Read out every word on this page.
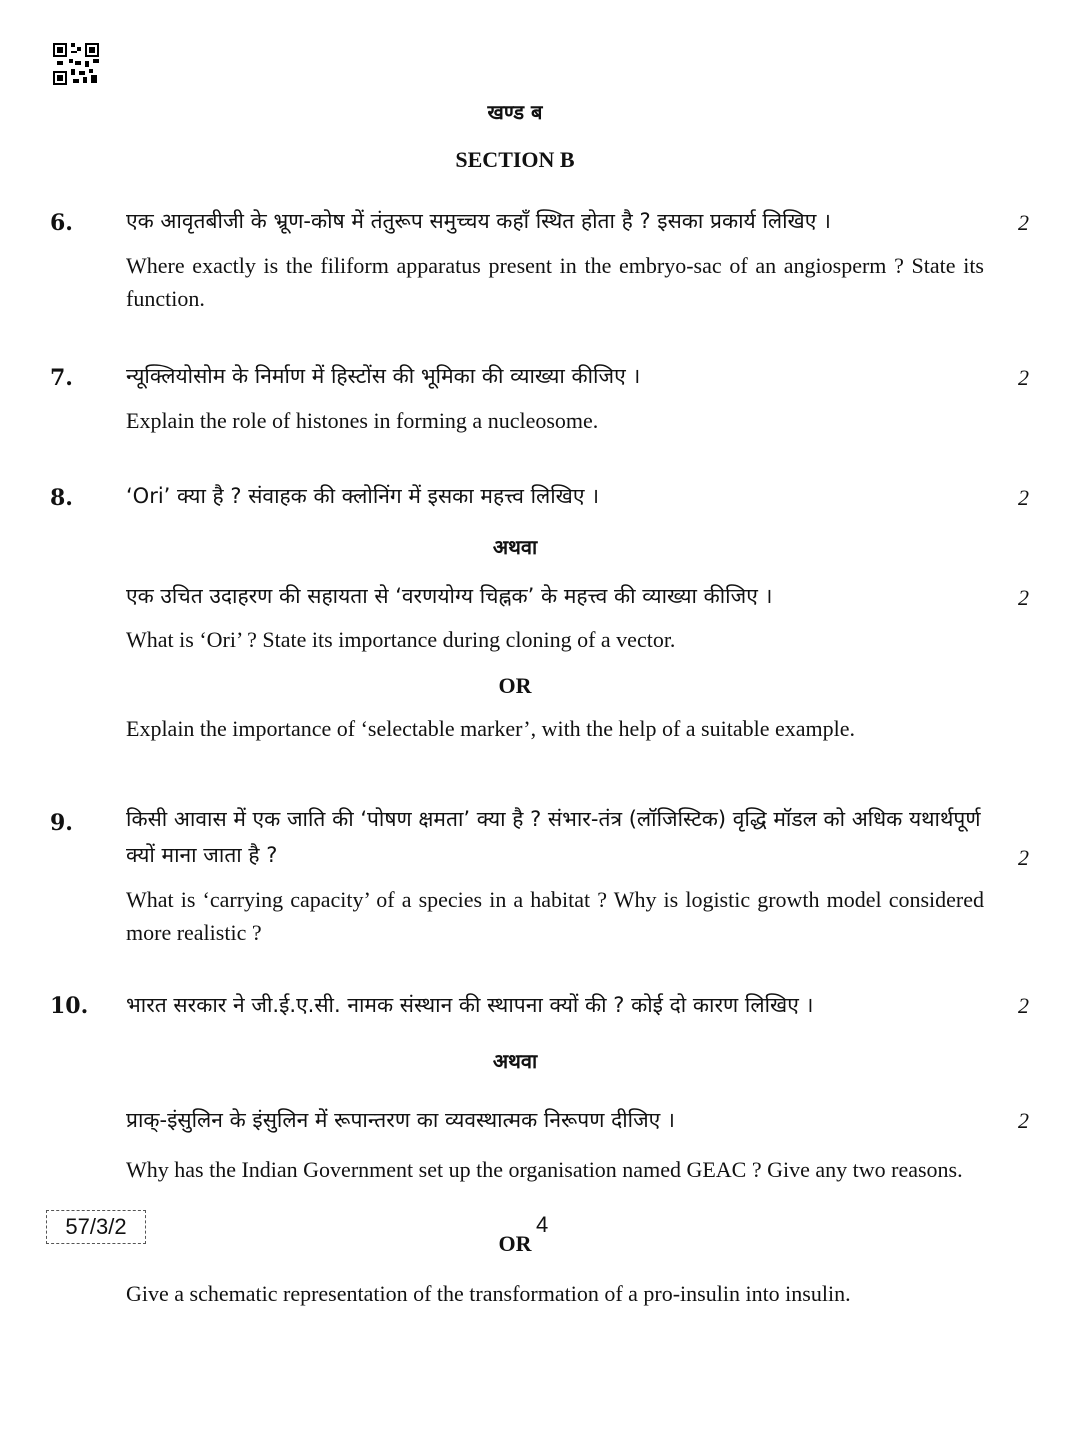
खण्ड ब
SECTION B
6.	एक आवृतबीजी के भ्रूण-कोष में तंतुरूप समुच्चय कहाँ स्थित होता है ? इसका प्रकार्य लिखिए ।	2
Where exactly is the filiform apparatus present in the embryo-sac of an angiosperm ? State its function.
7.	न्यूक्लियोसोम के निर्माण में हिस्टोंस की भूमिका की व्याख्या कीजिए ।	2
Explain the role of histones in forming a nucleosome.
8.	‘Ori’ क्या है ? संवाहक की क्लोनिंग में इसका महत्त्व लिखिए ।	2
अथवा
एक उचित उदाहरण की सहायता से ‘वरणयोग्य चिह्नक’ के महत्त्व की व्याख्या कीजिए ।	2
What is ‘Ori’ ? State its importance during cloning of a vector.
OR
Explain the importance of ‘selectable marker’, with the help of a suitable example.
9.	किसी आवास में एक जाति की ‘पोषण क्षमता’ क्या है ? संभार-तंत्र (लॉजिस्टिक) वृद्धि मॉडल को अधिक यथार्थपूर्ण क्यों माना जाता है ?	2
What is ‘carrying capacity’ of a species in a habitat ? Why is logistic growth model considered more realistic ?
10. भारत सरकार ने जी.ई.ए.सी. नामक संस्थान की स्थापना क्यों की ? कोई दो कारण लिखिए ।	2
अथवा
प्राक्-इंसुलिन के इंसुलिन में रूपान्तरण का व्यवस्थात्मक निरूपण दीजिए ।	2
Why has the Indian Government set up the organisation named GEAC ? Give any two reasons.
OR
Give a schematic representation of the transformation of a pro-insulin into insulin.
57/3/2	4
